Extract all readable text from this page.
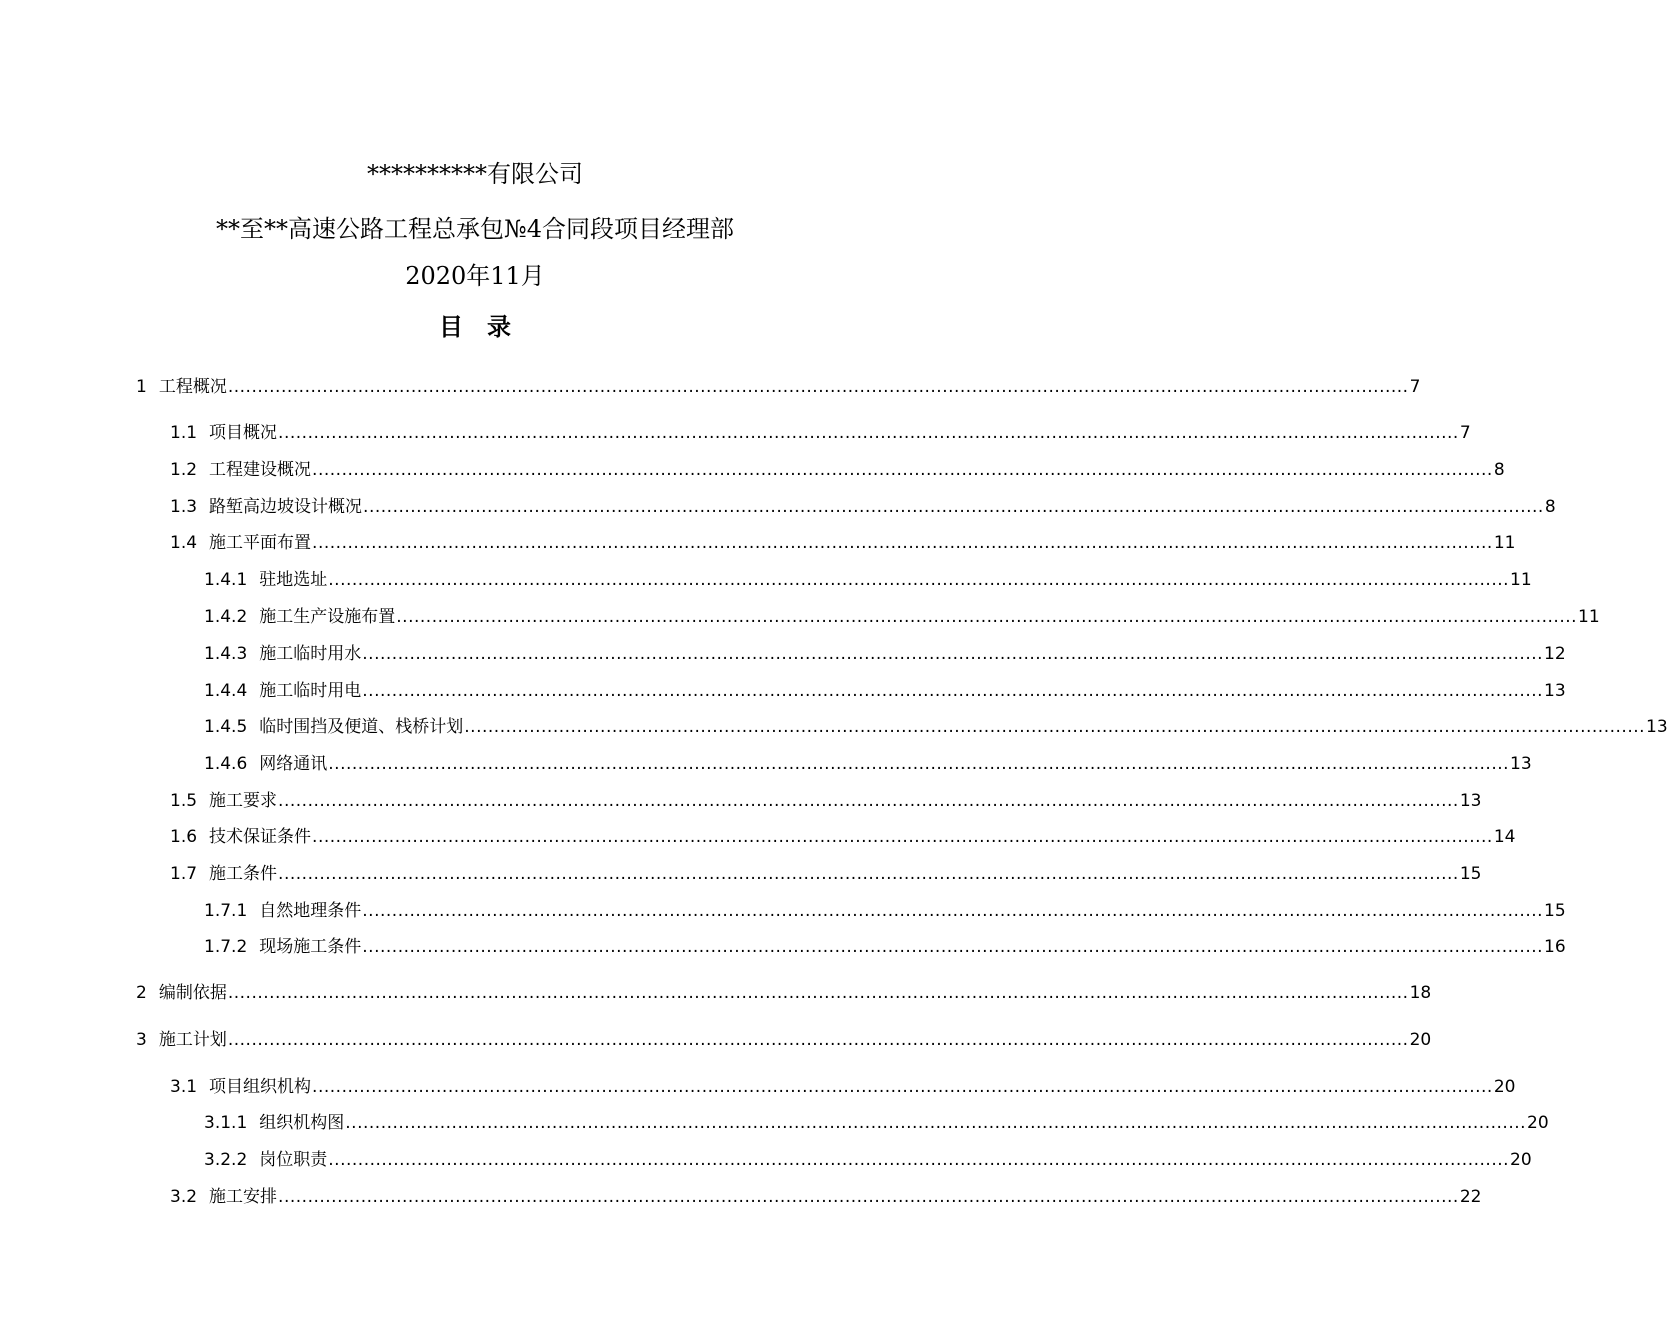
**********有限公司
**至**高速公路工程总承包№4合同段项目经理部
2020年11月
目录
1 工程概况 ........................................................................................................................................................................................................ 7
1.1 项目概况 ........................................................................................................................................................................................................ 7
1.2 工程建设概况 ........................................................................................................................................................................................................ 8
1.3 路堑高边坡设计概况 ........................................................................................................................................................................................................ 8
1.4 施工平面布置 ........................................................................................................................................................................................................ 11
1.4.1 驻地选址 ........................................................................................................................................................................................................ 11
1.4.2 施工生产设施布置 ........................................................................................................................................................................................................ 11
1.4.3 施工临时用水 ........................................................................................................................................................................................................ 12
1.4.4 施工临时用电 ........................................................................................................................................................................................................ 13
1.4.5 临时围挡及便道、栈桥计划 ........................................................................................................................................................................................................ 13
1.4.6 网络通讯 ........................................................................................................................................................................................................ 13
1.5 施工要求 ........................................................................................................................................................................................................ 13
1.6 技术保证条件 ........................................................................................................................................................................................................ 14
1.7 施工条件 ........................................................................................................................................................................................................ 15
1.7.1 自然地理条件 ........................................................................................................................................................................................................ 15
1.7.2 现场施工条件 ........................................................................................................................................................................................................ 16
2 编制依据 ........................................................................................................................................................................................................ 18
3 施工计划 ........................................................................................................................................................................................................ 20
3.1 项目组织机构 ........................................................................................................................................................................................................ 20
3.1.1 组织机构图 ........................................................................................................................................................................................................ 20
3.2.2 岗位职责 ........................................................................................................................................................................................................ 20
3.2 施工安排 ........................................................................................................................................................................................................ 22
